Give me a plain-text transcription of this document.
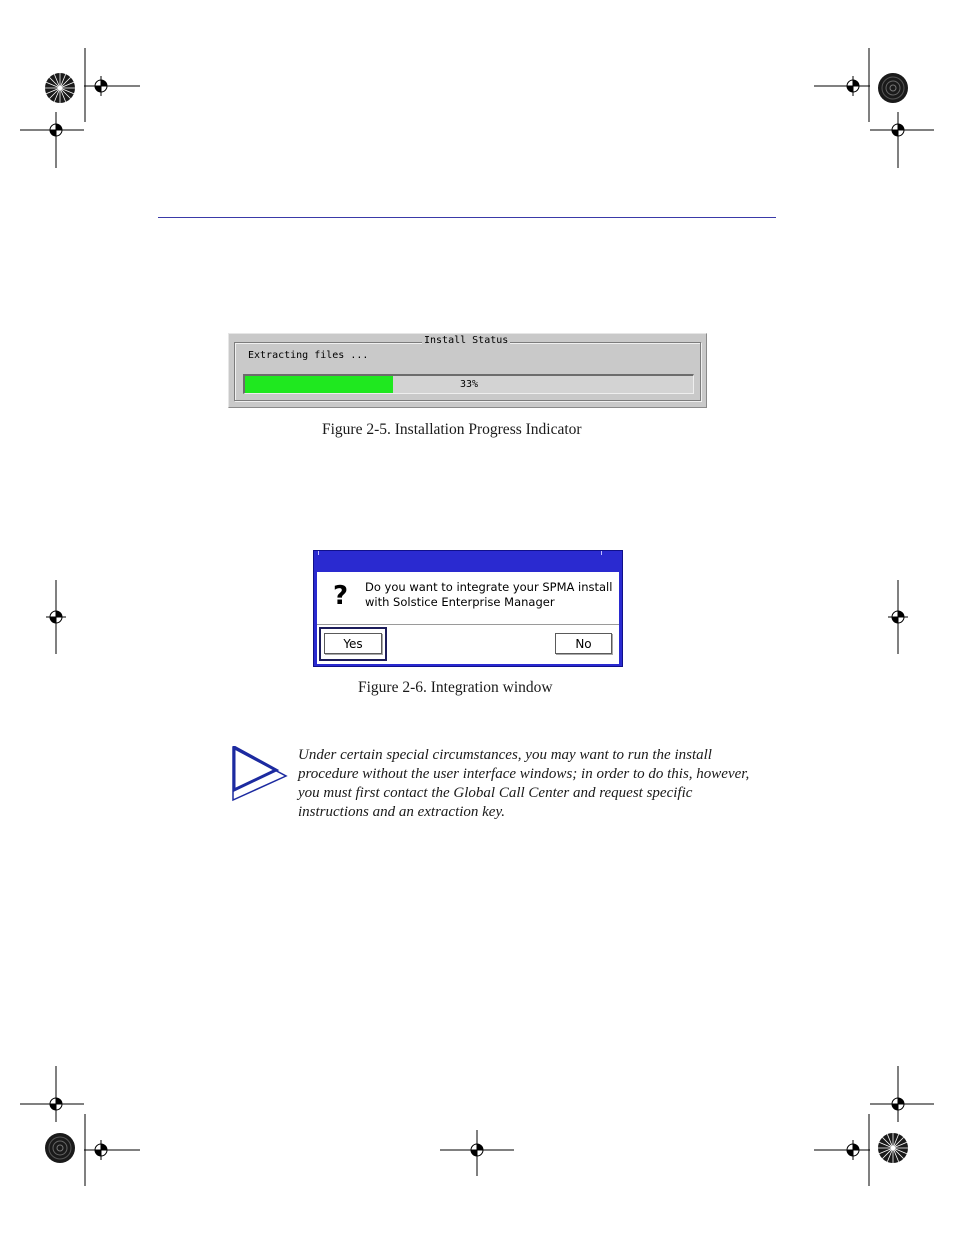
Install Status
Extracting files ...
33%
Figure 2-5. Installation Progress Indicator
? Do you want to integrate your SPMA install
with Solstice Enterprise Manager
Yes	No
Figure 2-6. Integration window
Under certain special circumstances, you may want to run the install
procedure without the user interface windows; in order to do this, however,
you must first contact the Global Call Center and request specific
instructions and an extraction key.
